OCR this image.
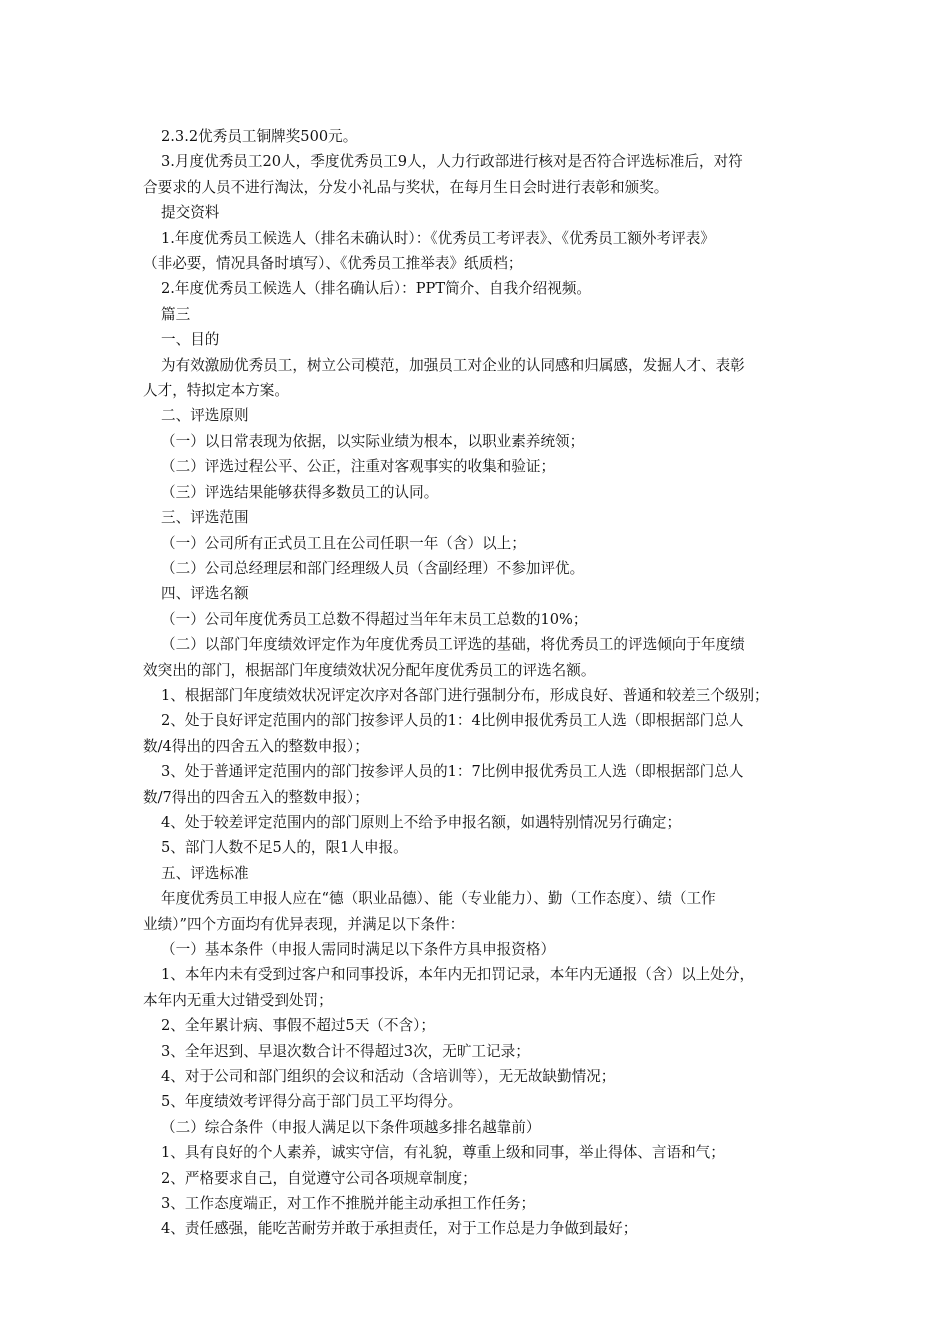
2.3.2优秀员工铜牌奖500元。
3.月度优秀员工20人，季度优秀员工9人，人力行政部进行核对是否符合评选标准后，对符
合要求的人员不进行淘汰，分发小礼品与奖状，在每月生日会时进行表彰和颁奖。
提交资料
1.年度优秀员工候选人（排名未确认时）：《优秀员工考评表》、《优秀员工额外考评表》
（非必要，情况具备时填写）、《优秀员工推举表》纸质档；
2.年度优秀员工候选人（排名确认后）：PPT简介、自我介绍视频。
篇三
一、目的
为有效激励优秀员工，树立公司模范，加强员工对企业的认同感和归属感，发掘人才、表彰
人才，特拟定本方案。
二、评选原则
（一）以日常表现为依据，以实际业绩为根本，以职业素养统领；
（二）评选过程公平、公正，注重对客观事实的收集和验证；
（三）评选结果能够获得多数员工的认同。
三、评选范围
（一）公司所有正式员工且在公司任职一年（含）以上；
（二）公司总经理层和部门经理级人员（含副经理）不参加评优。
四、评选名额
（一）公司年度优秀员工总数不得超过当年年末员工总数的10%；
（二）以部门年度绩效评定作为年度优秀员工评选的基础，将优秀员工的评选倾向于年度绩
效突出的部门，根据部门年度绩效状况分配年度优秀员工的评选名额。
1、根据部门年度绩效状况评定次序对各部门进行强制分布，形成良好、普通和较差三个级别；
2、处于良好评定范围内的部门按参评人员的1：4比例申报优秀员工人选（即根据部门总人
数/4得出的四舍五入的整数申报）；
3、处于普通评定范围内的部门按参评人员的1：7比例申报优秀员工人选（即根据部门总人
数/7得出的四舍五入的整数申报）；
4、处于较差评定范围内的部门原则上不给予申报名额，如遇特别情况另行确定；
5、部门人数不足5人的，限1人申报。
五、评选标准
年度优秀员工申报人应在“德（职业品德）、能（专业能力）、勤（工作态度）、绩（工作
业绩）”四个方面均有优异表现，并满足以下条件：
（一）基本条件（申报人需同时满足以下条件方具申报资格）
1、本年内未有受到过客户和同事投诉，本年内无扣罚记录，本年内无通报（含）以上处分，
本年内无重大过错受到处罚；
2、全年累计病、事假不超过5天（不含）；
3、全年迟到、早退次数合计不得超过3次，无旷工记录；
4、对于公司和部门组织的会议和活动（含培训等），无无故缺勤情况；
5、年度绩效考评得分高于部门员工平均得分。
（二）综合条件（申报人满足以下条件项越多排名越靠前）
1、具有良好的个人素养，诚实守信，有礼貌，尊重上级和同事，举止得体、言语和气；
2、严格要求自己，自觉遵守公司各项规章制度；
3、工作态度端正，对工作不推脱并能主动承担工作任务；
4、责任感强，能吃苦耐劳并敢于承担责任，对于工作总是力争做到最好；
